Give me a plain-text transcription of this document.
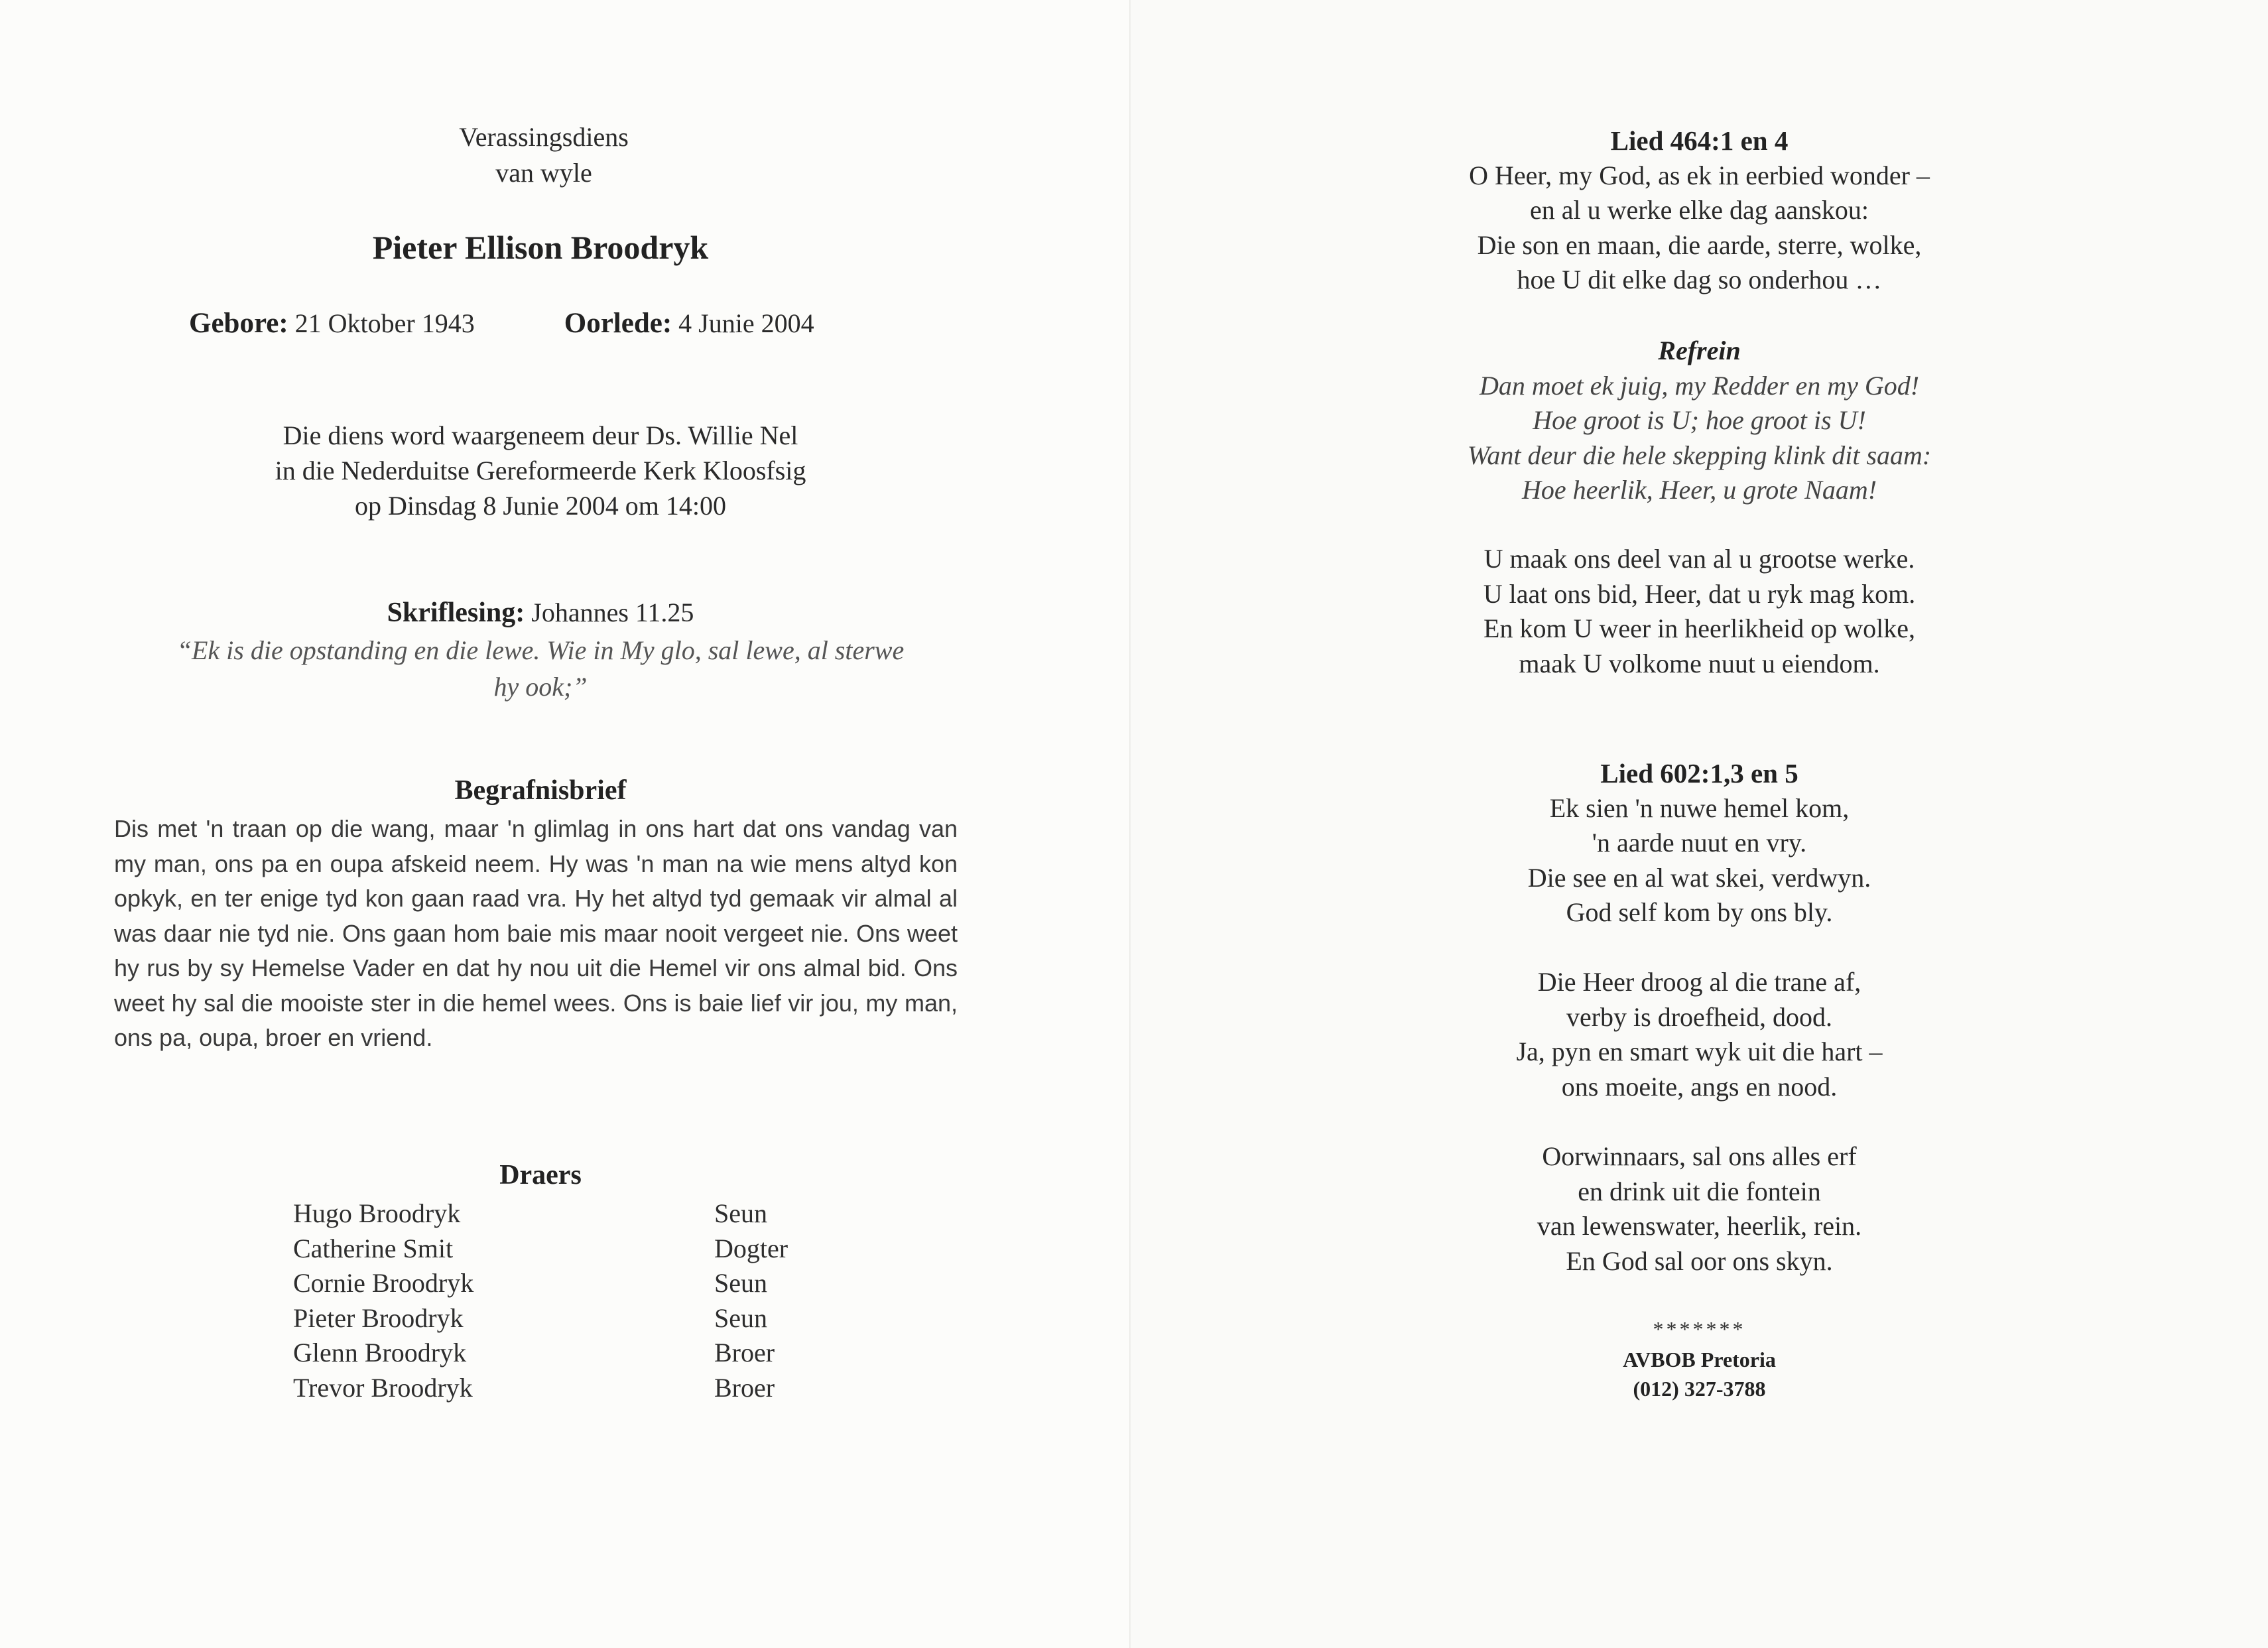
Verassingsdiens
van wyle
Pieter Ellison Broodryk
Gebore: 21 Oktober 1943	Oorlede: 4 Junie 2004
Die diens word waargeneem deur Ds. Willie Nel
in die Nederduitse Gereformeerde Kerk Kloosfsig
op Dinsdag 8 Junie 2004 om 14:00
Skriflesing: Johannes 11.25
“Ek is die opstanding en die lewe. Wie in My glo, sal lewe, al sterwe hy ook;”
Begrafnisbrief
Dis met 'n traan op die wang, maar 'n glimlag in ons hart dat ons vandag van my man, ons pa en oupa afskeid neem. Hy was 'n man na wie mens altyd kon opkyk, en ter enige tyd kon gaan raad vra. Hy het altyd tyd gemaak vir almal al was daar nie tyd nie. Ons gaan hom baie mis maar nooit vergeet nie. Ons weet hy rus by sy Hemelse Vader en dat hy nou uit die Hemel vir ons almal bid. Ons weet hy sal die mooiste ster in die hemel wees. Ons is baie lief vir jou, my man, ons pa, oupa, broer en vriend.
Draers
Hugo Broodryk	Seun
Catherine Smit	Dogter
Cornie Broodryk	Seun
Pieter Broodryk	Seun
Glenn Broodryk	Broer
Trevor Broodryk	Broer
Lied 464:1 en 4
O Heer, my God, as ek in eerbied wonder –
en al u werke elke dag aanskou:
Die son en maan, die aarde, sterre, wolke,
hoe U dit elke dag so onderhou …
Refrein
Dan moet ek juig, my Redder en my God!
Hoe groot is U; hoe groot is U!
Want deur die hele skepping klink dit saam:
Hoe heerlik, Heer, u grote Naam!
U maak ons deel van al u grootse werke.
U laat ons bid, Heer, dat u ryk mag kom.
En kom U weer in heerlikheid op wolke,
maak U volkome nuut u eiendom.
Lied 602:1,3 en 5
Ek sien 'n nuwe hemel kom,
'n aarde nuut en vry.
Die see en al wat skei, verdwyn.
God self kom by ons bly.
Die Heer droog al die trane af,
verby is droefheid, dood.
Ja, pyn en smart wyk uit die hart –
ons moeite, angs en nood.
Oorwinnaars, sal ons alles erf
en drink uit die fontein
van lewenswater, heerlik, rein.
En God sal oor ons skyn.
*******
AVBOB Pretoria
(012) 327-3788
